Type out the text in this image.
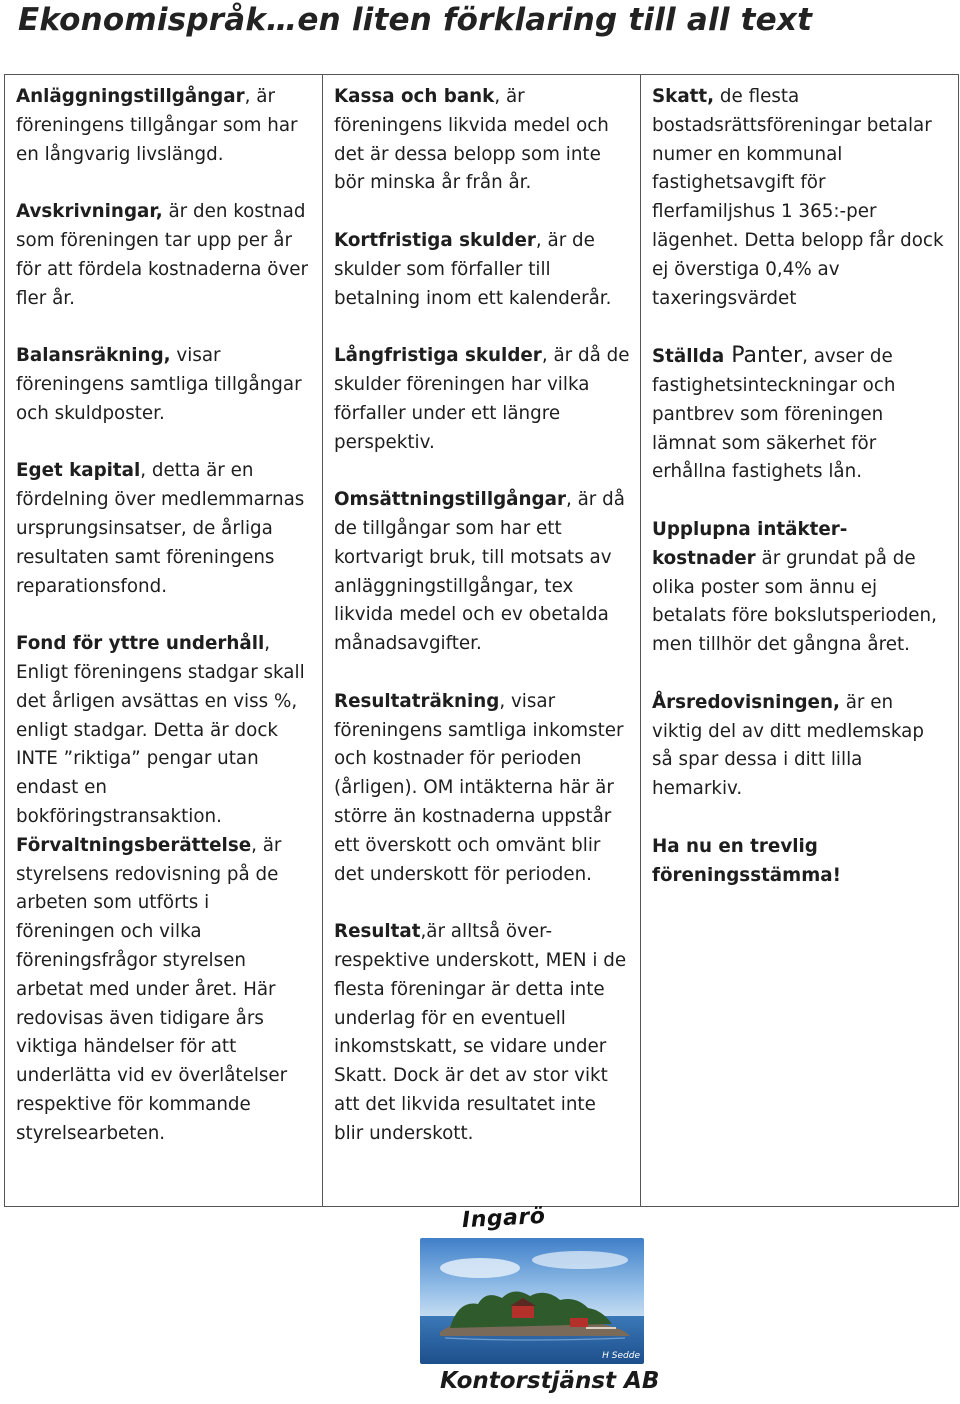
Ekonomispråk…en liten förklaring till all text
Anläggningstillgångar, är föreningens tillgångar som har en långvarig livslängd.
Avskrivningar, är den kostnad som föreningen tar upp per år för att fördela kostnaderna över fler år.
Balansräkning, visar föreningens samtliga tillgångar och skuldposter.
Eget kapital, detta är en fördelning över medlemmarnas ursprungsinsatser, de årliga resultaten samt föreningens reparationsfond.
Fond för yttre underhåll, Enligt föreningens stadgar skall det årligen avsättas en viss %, enligt stadgar. Detta är dock INTE ”riktiga” pengar utan endast en bokföringstransaktion.
Förvaltningsberättelse, är styrelsens redovisning på de arbeten som utförts i föreningen och vilka föreningsfrågor styrelsen arbetat med under året. Här redovisas även tidigare års viktiga händelser för att underlätta vid ev överlåtelser respektive för kommande styrelsearbeten.

Kassa och bank, är föreningens likvida medel och det är dessa belopp som inte bör minska år från år.
Kortfristiga skulder, är de skulder som förfaller till betalning inom ett kalenderår.
Långfristiga skulder, är då de skulder föreningen har vilka förfaller under ett längre perspektiv.
Omsättningstillgångar, är då de tillgångar som har ett kortvarigt bruk, till motsats av anläggningstillgångar, tex likvida medel och ev obetalda månadsavgifter.
Resultaträkning, visar föreningens samtliga inkomster och kostnader för perioden (årligen). OM intäkterna här är större än kostnaderna uppstår ett överskott och omvänt blir det underskott för perioden.
Resultat,är alltså över-respektive underskott, MEN i de flesta föreningar är detta inte underlag för en eventuell inkomstskatt, se vidare under Skatt. Dock är det av stor vikt att det likvida resultatet inte blir underskott.

Skatt, de flesta bostadsrättsföreningar betalar numer en kommunal fastighetsavgift för flerfamiljshus 1 365:-per lägenhet. Detta belopp får dock ej överstiga 0,4% av taxeringsvärdet
Ställda Panter, avser de fastighetsinteckningar och pantbrev som föreningen lämnat som säkerhet för erhållna fastighets lån.
Upplupna intäkter-kostnader är grundat på de olika poster som ännu ej betalats före bokslutsperioden, men tillhör det gångna året.
Årsredovisningen, är en viktig del av ditt medlemskap så spar dessa i ditt lilla hemarkiv.
Ha nu en trevlig föreningsstämma!
Ingarö
H Sedde
Kontorstjänst AB
